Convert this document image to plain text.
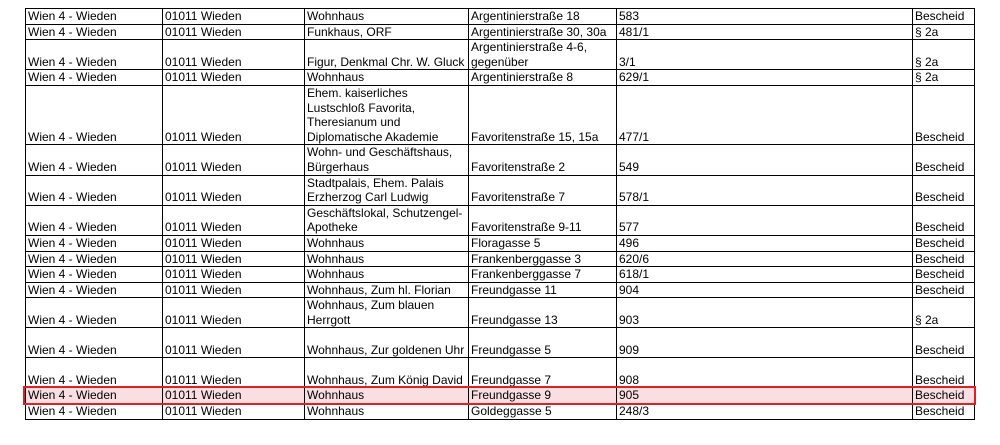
Wien 4 - Wieden	01011 Wieden	Wohnhaus	Argentinierstraße 18	583	Bescheid
Wien 4 - Wieden	01011 Wieden	Funkhaus, ORF	Argentinierstraße 30, 30a	481/1	§ 2a
Wien 4 - Wieden	01011 Wieden	Figur, Denkmal Chr. W. Gluck	Argentinierstraße 4-6,
gegenüber	3/1	§ 2a
Wien 4 - Wieden	01011 Wieden	Wohnhaus	Argentinierstraße 8	629/1	§ 2a
Wien 4 - Wieden	01011 Wieden	Ehem. kaiserliches
Lustschloß Favorita,
Theresianum und
Diplomatische Akademie	Favoritenstraße 15, 15a	477/1	Bescheid
Wien 4 - Wieden	01011 Wieden	Wohn- und Geschäftshaus,
Bürgerhaus	Favoritenstraße 2	549	Bescheid
Wien 4 - Wieden	01011 Wieden	Stadtpalais, Ehem. Palais
Erzherzog Carl Ludwig	Favoritenstraße 7	578/1	Bescheid
Wien 4 - Wieden	01011 Wieden	Geschäftslokal, Schutzengel-
Apotheke	Favoritenstraße 9-11	577	Bescheid
Wien 4 - Wieden	01011 Wieden	Wohnhaus	Floragasse 5	496	Bescheid
Wien 4 - Wieden	01011 Wieden	Wohnhaus	Frankenberggasse 3	620/6	Bescheid
Wien 4 - Wieden	01011 Wieden	Wohnhaus	Frankenberggasse 7	618/1	Bescheid
Wien 4 - Wieden	01011 Wieden	Wohnhaus, Zum hl. Florian	Freundgasse 11	904	Bescheid
Wien 4 - Wieden	01011 Wieden	Wohnhaus, Zum blauen
Herrgott	Freundgasse 13	903	§ 2a
Wien 4 - Wieden	01011 Wieden	Wohnhaus, Zur goldenen Uhr	Freundgasse 5	909	Bescheid
Wien 4 - Wieden	01011 Wieden	Wohnhaus, Zum König David	Freundgasse 7	908	Bescheid
Wien 4 - Wieden	01011 Wieden	Wohnhaus	Freundgasse 9	905	Bescheid
Wien 4 - Wieden	01011 Wieden	Wohnhaus	Goldeggasse 5	248/3	Bescheid
